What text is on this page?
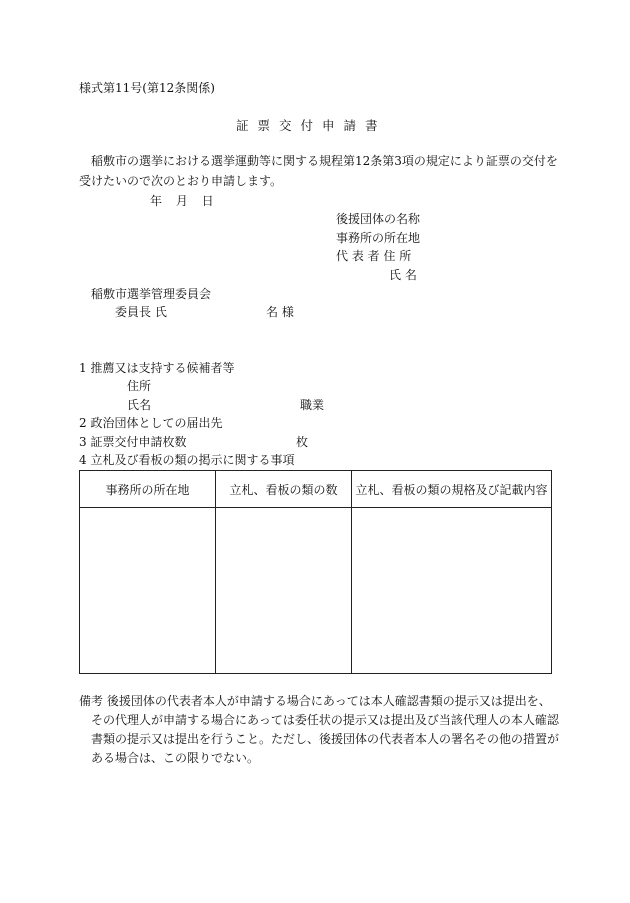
様式第11号(第12条関係)
証票交付申請書
稲敷市の選挙における選挙運動等に関する規程第12条第3項の規定により証票の交付を
受けたいので次のとおり申請します。
年 月 日
後援団体の名称
事務所の所在地
代 表 者 住 所
氏 名
稲敷市選挙管理委員会
委員長 氏	名 様
1 推薦又は支持する候補者等
住所
氏名	職業
2 政治団体としての届出先
3 証票交付申請枚数	枚
4 立札及び看板の類の掲示に関する事項
事務所の所在地	立札、看板の類の数	立札、看板の類の規格及び記載内容

備考 後援団体の代表者本人が申請する場合にあっては本人確認書類の提示又は提出を、
その代理人が申請する場合にあっては委任状の提示又は提出及び当該代理人の本人確認
書類の提示又は提出を行うこと。ただし、後援団体の代表者本人の署名その他の措置が
ある場合は、この限りでない。
